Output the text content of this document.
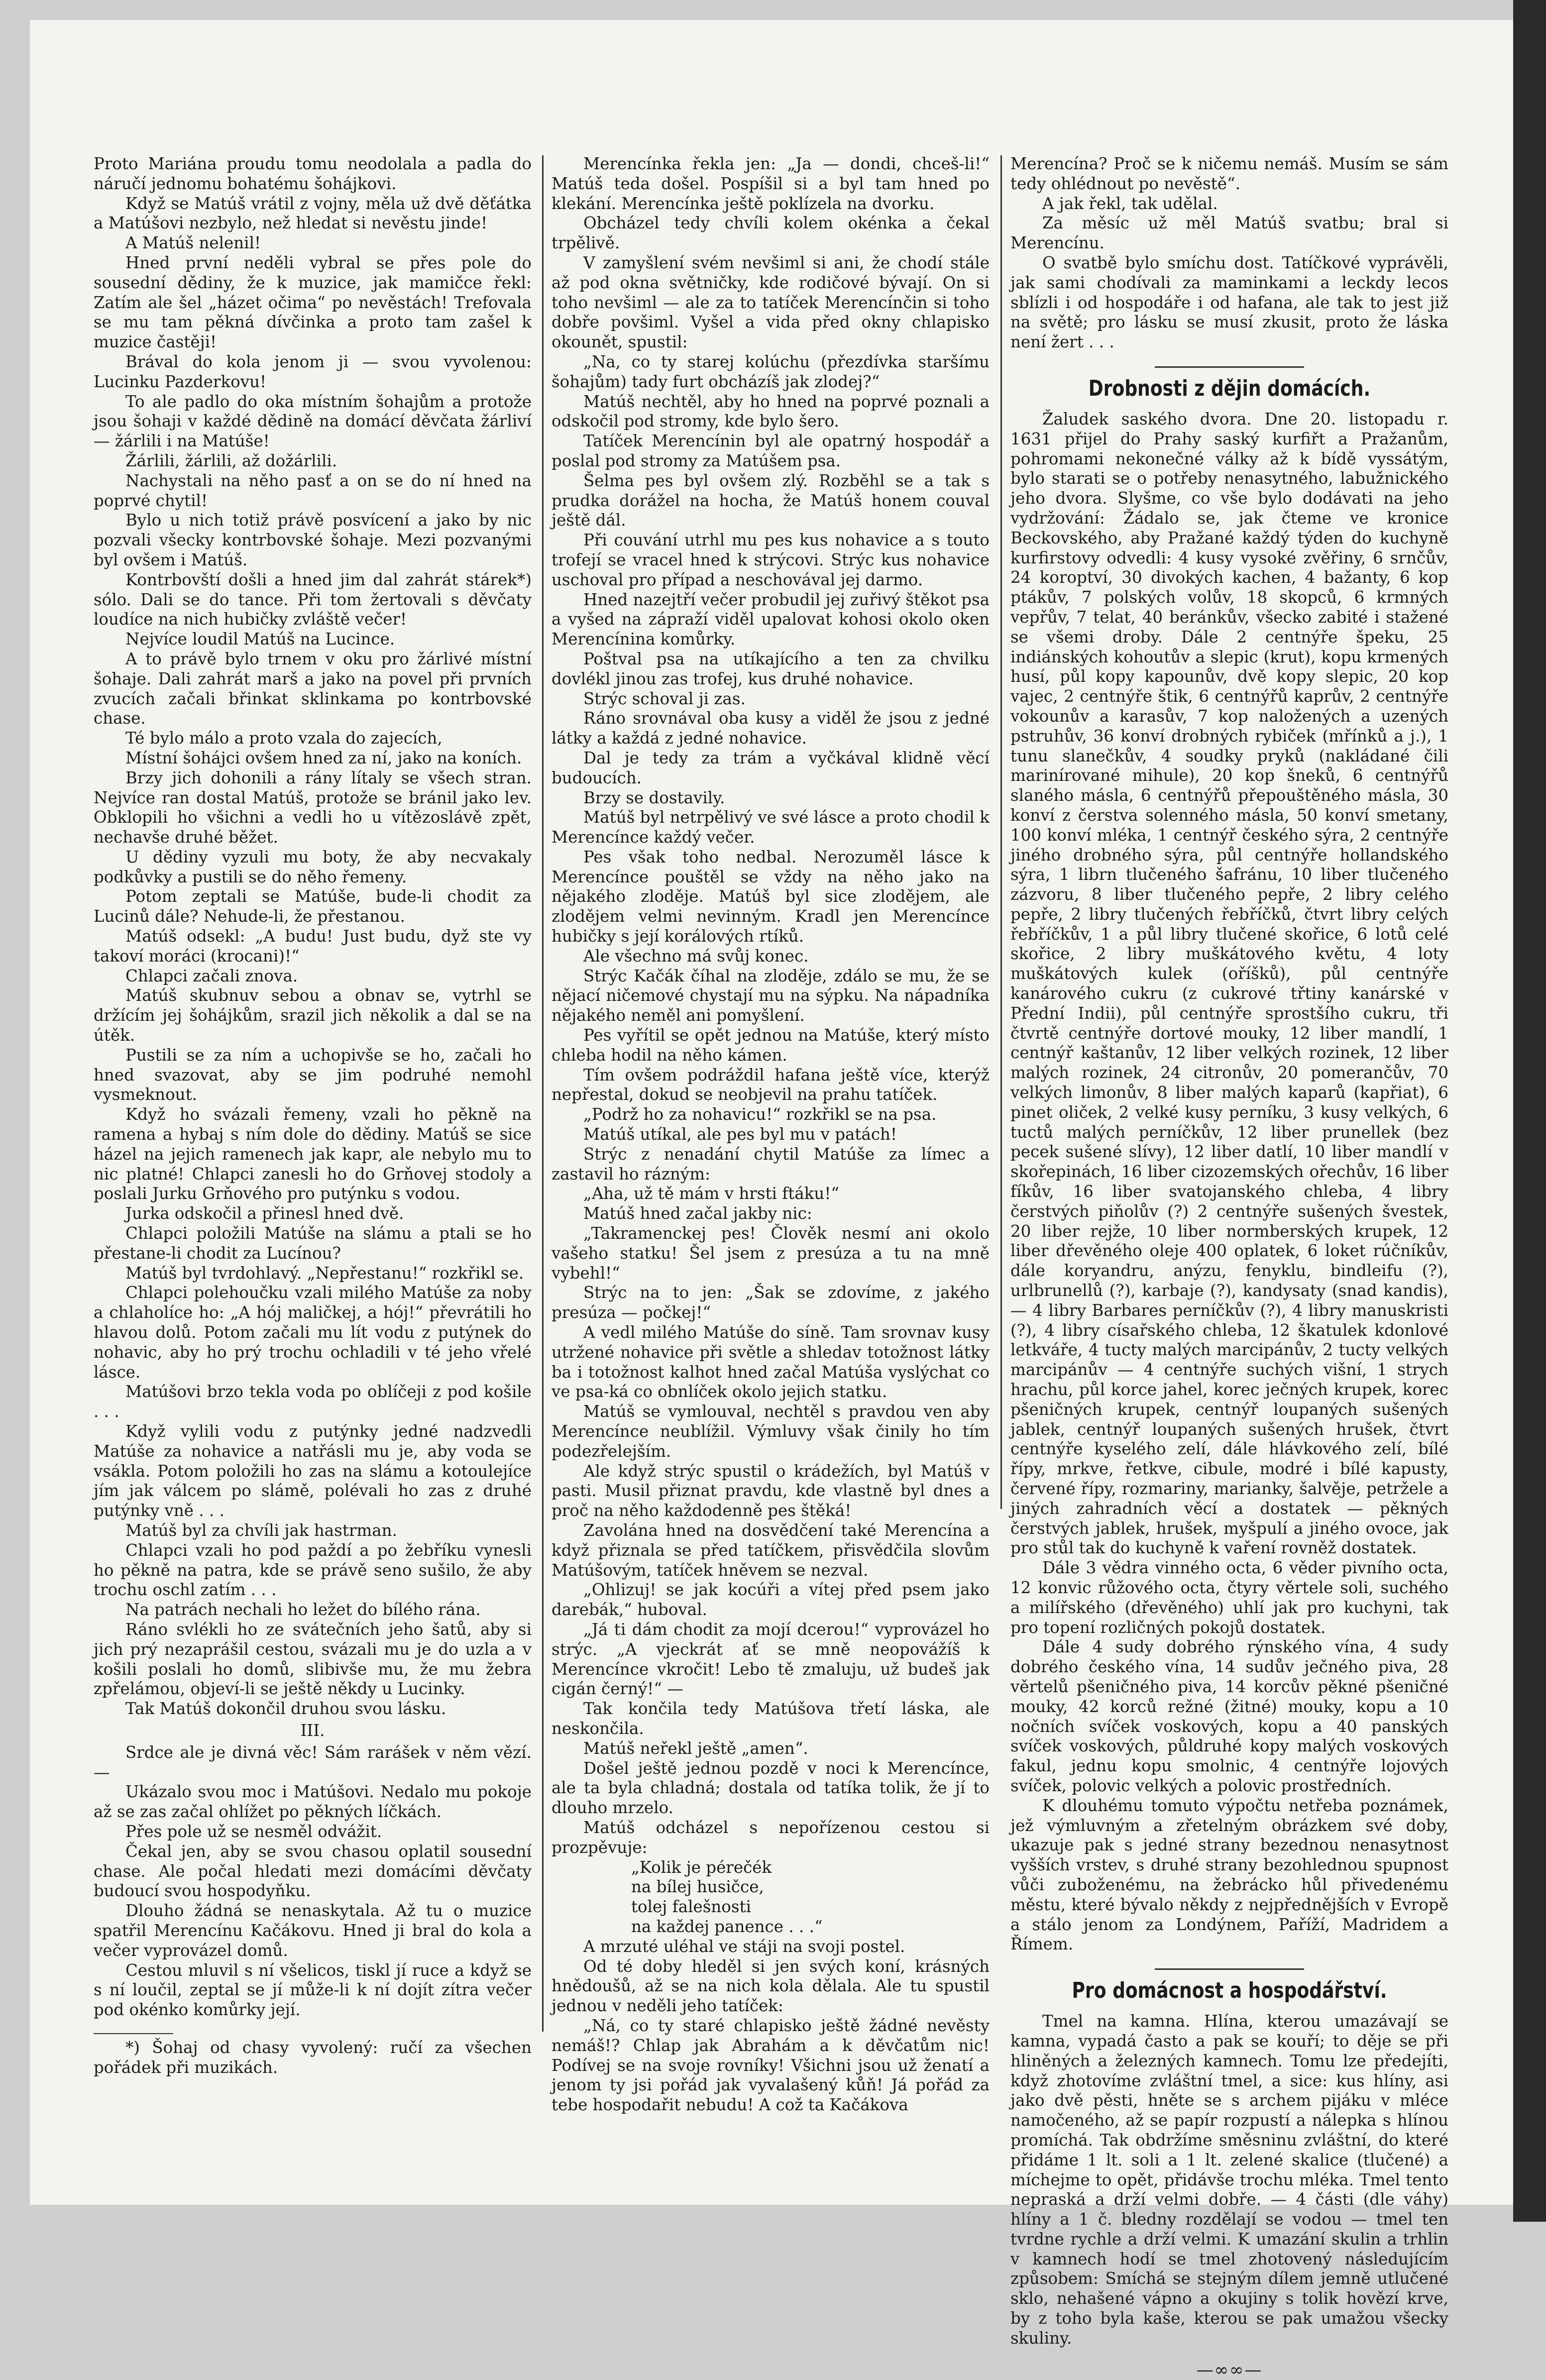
Proto Mariána proudu tomu neodolala a padla do náručí jednomu bohatému šohájkovi.

Když se Matúš vrátil z vojny, měla už dvě děťátka a Matúšovi nezbylo, než hledat si nevěstu jinde!

A Matúš nelenil!

Hned první neděli vybral se přes pole do sousední dědiny, že k muzice, jak mamičce řekl: Zatím ale šel „házet očima“ po nevěstách! Trefovala se mu tam pěkná dívčinka a proto tam zašel k muzice častěji!

Brával do kola jenom ji — svou vyvolenou: Lucinku Pazderkovu!

To ale padlo do oka místním šohajům a protože jsou šohaji v každé dědině na domácí děvčata žárliví — žárlili i na Matúše!

Žárlili, žárlili, až dožárlili.

Nachystali na něho pasť a on se do ní hned na poprvé chytil!

Bylo u nich totiž právě posvícení a jako by nic pozvali všecky kontrbovské šohaje. Mezi pozvanými byl ovšem i Matúš.

Kontrbovští došli a hned jim dal zahrát stárek*) sólo. Dali se do tance. Při tom žertovali s děvčaty loudíce na nich hubičky zvláště večer!

Nejvíce loudil Matúš na Lucince.

A to právě bylo trnem v oku pro žárlivé místní šohaje. Dali zahrát marš a jako na povel při prvních zvucích začali břinkat sklinkama po kontrbovské chase.

Té bylo málo a proto vzala do zajecích,

Místní šohájci ovšem hned za ní, jako na koních.

Brzy jich dohonili a rány lítaly se všech stran. Nejvíce ran dostal Matúš, protože se bránil jako lev. Obklopili ho všichni a vedli ho u vítězoslávě zpět, nechavše druhé běžet.

U dědiny vyzuli mu boty, že aby necvakaly podkůvky a pustili se do něho řemeny.

Potom zeptali se Matúše, bude-li chodit za Lucinů dále? Nehude-li, že přestanou.

Matúš odsekl: „A budu! Just budu, dyž ste vy takoví moráci (krocani)!“

Chlapci začali znova.

Matúš skubnuv sebou a obnav se, vytrhl se držícím jej šohájkům, srazil jich několik a dal se na útěk.

Pustili se za ním a uchopivše se ho, začali ho hned svazovat, aby se jim podruhé nemohl vysmeknout.

Když ho svázali řemeny, vzali ho pěkně na ramena a hybaj s ním dole do dědiny. Matúš se sice házel na jejich ramenech jak kapr, ale nebylo mu to nic platné! Chlapci zanesli ho do Grňovej stodoly a poslali Jurku Grňového pro putýnku s vodou.

Jurka odskočil a přinesl hned dvě.

Chlapci položili Matúše na slámu a ptali se ho přestane-li chodit za Lucínou?

Matúš byl tvrdohlavý. „Nepřestanu!“ rozkřikl se.

Chlapci polehoučku vzali milého Matúše za noby a chlaholíce ho: „A hój maličkej, a hój!“ převrátili ho hlavou dolů. Potom začali mu lít vodu z putýnek do nohavic, aby ho prý trochu ochladili v té jeho vřelé lásce.

Matúšovi brzo tekla voda po oblíčeji z pod košile . . .

Když vylili vodu z putýnky jedné nadzvedli Matúše za nohavice a natřásli mu je, aby voda se vsákla. Potom položili ho zas na slámu a kotoulejíce jím jak válcem po slámě, polévali ho zas z druhé putýnky vně . . .

Matúš byl za chvíli jak hastrman.

Chlapci vzali ho pod paždí a po žebříku vynesli ho pěkně na patra, kde se právě seno sušilo, že aby trochu oschl zatím . . .

Na patrách nechali ho ležet do bílého rána.

Ráno svlékli ho ze svátečních jeho šatů, aby si jich prý nezaprášil cestou, svázali mu je do uzla a v košili poslali ho domů, slibivše mu, že mu žebra zpřelámou, objeví-li se ještě někdy u Lucinky.

Tak Matúš dokončil druhou svou lásku.

III.

Srdce ale je divná věc! Sám rarášek v něm vězí. —

Ukázalo svou moc i Matúšovi. Nedalo mu pokoje až se zas začal ohlížet po pěkných líčkách.

Přes pole už se nesměl odvážit.

Čekal jen, aby se svou chasou oplatil sousední chase. Ale počal hledati mezi domácími děvčaty budoucí svou hospodyňku.

Dlouho žádná se nenaskytala. Až tu o muzice spatřil Merencínu Kačákovu. Hned ji bral do kola a večer vyprovázel domů.

Cestou mluvil s ní všelicos, tiskl jí ruce a když se s ní loučil, zeptal se jí může-li k ní dojít zítra večer pod okénko komůrky její.

*) Šohaj od chasy vyvolený: ručí za všechen pořádek při muzikách.

Merencínka řekla jen: „Ja — dondi, chceš-li!“ Matúš teda došel. Pospíšil si a byl tam hned po klekání. Merencínka ještě poklízela na dvorku.

Obcházel tedy chvíli kolem okénka a čekal trpělivě.

V zamyšlení svém nevšiml si ani, že chodí stále až pod okna světničky, kde rodičové bývají. On si toho nevšiml — ale za to tatíček Merencínčin si toho dobře povšiml. Vyšel a vida před okny chlapisko okounět, spustil:

„Na, co ty starej kolúchu (přezdívka staršímu šohajům) tady furt obcházíš jak zlodej?“

Matúš nechtěl, aby ho hned na poprvé poznali a odskočil pod stromy, kde bylo šero.

Tatíček Merencínin byl ale opatrný hospodář a poslal pod stromy za Matúšem psa.

Šelma pes byl ovšem zlý. Rozběhl se a tak s prudka dorážel na hocha, že Matúš honem couval ještě dál.

Při couvání utrhl mu pes kus nohavice a s touto trofejí se vracel hned k strýcovi. Strýc kus nohavice uschoval pro případ a neschovával jej darmo.

Hned nazejtří večer probudil jej zuřivý štěkot psa a vyšed na zápraží viděl upalovat kohosi okolo oken Merencínina komůrky.

Poštval psa na utíkajícího a ten za chvilku dovlékl jinou zas trofej, kus druhé nohavice.

Strýc schoval ji zas.

Ráno srovnával oba kusy a viděl že jsou z jedné látky a každá z jedné nohavice.

Dal je tedy za trám a vyčkával klidně věcí budoucích.

Brzy se dostavily.

Matúš byl netrpělivý ve své lásce a proto chodil k Merencínce každý večer.

Pes však toho nedbal. Nerozuměl lásce k Merencínce pouštěl se vždy na něho jako na nějakého zloděje. Matúš byl sice zlodějem, ale zlodějem velmi nevinným. Kradl jen Merencínce hubičky s její korálových rtíků.

Ale všechno má svůj konec.

Strýc Kačák číhal na zloděje, zdálo se mu, že se nějací ničemové chystají mu na sýpku. Na nápadníka nějakého neměl ani pomyšlení.

Pes vyřítil se opět jednou na Matúše, který místo chleba hodil na něho kámen.

Tím ovšem podráždil hafana ještě více, kterýž nepřestal, dokud se neobjevil na prahu tatíček.

„Podrž ho za nohavicu!“ rozkřikl se na psa.

Matúš utíkal, ale pes byl mu v patách!

Strýc z nenadání chytil Matúše za límec a zastavil ho rázným:

„Aha, už tě mám v hrsti ftáku!“

Matúš hned začal jakby nic:

„Takramenckej pes! Člověk nesmí ani okolo vašeho statku! Šel jsem z presúza a tu na mně vybehl!“

Strýc na to jen: „Šak se zdovíme, z jakého presúza — počkej!“

A vedl milého Matúše do síně. Tam srovnav kusy utržené nohavice při světle a shledav totožnost látky ba i totožnost kalhot hned začal Matúša vyslýchat co ve psa-ká co obnlíček okolo jejich statku.

Matúš se vymlouval, nechtěl s pravdou ven aby Merencínce neublížil. Výmluvy však činily ho tím podezřelejším.

Ale když strýc spustil o krádežích, byl Matúš v pasti. Musil přiznat pravdu, kde vlastně byl dnes a proč na něho každodenně pes štěká!

Zavolána hned na dosvědčení také Merencína a když přiznala se před tatíčkem, přisvědčila slovům Matúšovým, tatíček hněvem se nezval.

„Ohlizuj! se jak kocúři a vítej před psem jako darebák,“ huboval.

„Já ti dám chodit za mojí dcerou!“ vyprovázel ho strýc. „A vjeckrát ať se mně neopovážíš k Merencínce vkročit! Lebo tě zmaluju, už budeš jak cigán černý!“ —

Tak končila tedy Matúšova třetí láska, ale neskončila.

Matúš neřekl ještě „amen“.

Došel ještě jednou pozdě v noci k Merencínce, ale ta byla chladná; dostala od tatíka tolik, že jí to dlouho mrzelo.

Matúš odcházel s nepořízenou cestou si prozpěvuje:

„Kolik je pérečék

na bílej husičce,

tolej falešnosti

na každej panence . . .“

A mrzuté uléhal ve stáji na svoji postel.

Od té doby hleděl si jen svých koní, krásných hnědoušů, až se na nich kola dělala. Ale tu spustil jednou v neděli jeho tatíček:

„Ná, co ty staré chlapisko ještě žádné nevěsty nemáš!? Chlap jak Abrahám a k děvčatům nic! Podívej se na svoje rovníky! Všichni jsou už ženatí a jenom ty jsi pořád jak vyvalašený kůň! Já pořád za tebe hospodařit nebudu! A což ta Kačákova

Merencína? Proč se k ničemu nemáš. Musím se sám tedy ohlédnout po nevěstě“.

A jak řekl, tak udělal.

Za měsíc už měl Matúš svatbu; bral si Merencínu.

O svatbě bylo smíchu dost. Tatíčkové vyprávěli, jak sami chodívali za maminkami a leckdy lecos sblízli i od hospodáře i od hafana, ale tak to jest již na světě; pro lásku se musí zkusit, proto že láska není žert . . .

Drobnosti z dějin domácích.

Žaludek saského dvora. Dne 20. listopadu r. 1631 přijel do Prahy saský kurfiřt a Pražanům, pohromami nekonečné války až k bídě vyssátým, bylo starati se o potřeby nenasytného, labužnického jeho dvora. Slyšme, co vše bylo dodávati na jeho vydržování: Žádalo se, jak čteme ve kronice Beckovského, aby Pražané každý týden do kuchyně kurfirstovy odvedli: 4 kusy vysoké zvěřiny, 6 srnčův, 24 koroptví, 30 divokých kachen, 4 bažanty, 6 kop ptákův, 7 polských volův, 18 skopců, 6 krmných vepřův, 7 telat, 40 beránkův, všecko zabité i stažené se všemi droby. Dále 2 centnýře špeku, 25 indiánských kohoutův a slepic (krut), kopu krmených husí, půl kopy kapounův, dvě kopy slepic, 20 kop vajec, 2 centnýře štik, 6 centnýřů kaprův, 2 centnýře vokounův a karasův, 7 kop naložených a uzených pstruhův, 36 konví drobných rybiček (mřínků a j.), 1 tunu slanečkův, 4 soudky pryků (nakládané čili marinírované mihule), 20 kop šneků, 6 centnýřů slaného másla, 6 centnýřů přepouštěného másla, 30 konví z čerstva solenného másla, 50 konví smetany, 100 konví mléka, 1 centnýř českého sýra, 2 centnýře jiného drobného sýra, půl centnýře hollandského sýra, 1 librn tlučeného šafránu, 10 liber tlučeného zázvoru, 8 liber tlučeného pepře, 2 libry celého pepře, 2 libry tlučených řebříčků, čtvrt libry celých řebříčkův, 1 a půl libry tlučené skořice, 6 lotů celé skořice, 2 libry muškátového květu, 4 loty muškátových kulek (oříšků), půl centnýře kanárového cukru (z cukrové třtiny kanárské v Přední Indii), půl centnýře sprostšího cukru, tři čtvrtě centnýře dortové mouky, 12 liber mandlí, 1 centnýř kaštanův, 12 liber velkých rozinek, 12 liber malých rozinek, 24 citronův, 20 pomerančův, 70 velkých limonův, 8 liber malých kaparů (kapřiat), 6 pinet oliček, 2 velké kusy perníku, 3 kusy velkých, 6 tuctů malých perníčkův, 12 liber prunellek (bez pecek sušené slívy), 12 liber datlí, 10 liber mandlí v skořepinách, 16 liber cizozemských ořechův, 16 liber fíkův, 16 liber svatojanského chleba, 4 libry čerstvých piňolův (?) 2 centnýře sušených švestek, 20 liber rejže, 10 liber normberských krupek, 12 liber dřevěného oleje 400 oplatek, 6 loket rúčníkův, dále koryandru, anýzu, fenyklu, bindleifu (?), urlbrunellů (?), karbaje (?), kandysaty (snad kandis), — 4 libry Barbares perníčkův (?), 4 libry manuskristi (?), 4 libry císařského chleba, 12 škatulek kdonlové letkváře, 4 tucty malých marcipánův, 2 tucty velkých marcipánův — 4 centnýře suchých višní, 1 strych hrachu, půl korce jahel, korec ječných krupek, korec pšeničných krupek, centnýř loupaných sušených jablek, centnýř loupaných sušených hrušek, čtvrt centnýře kyselého zelí, dále hlávkového zelí, bílé řípy, mrkve, řetkve, cibule, modré i bílé kapusty, červené řípy, rozmariny, marianky, šalvěje, petržele a jiných zahradních věcí a dostatek — pěkných čerstvých jablek, hrušek, myšpulí a jiného ovoce, jak pro stůl tak do kuchyně k vaření rovněž dostatek.

Dále 3 vědra vinného octa, 6 věder pivního octa, 12 konvic růžového octa, čtyry věrtele soli, suchého a milířského (dřevěného) uhlí jak pro kuchyni, tak pro topení rozličných pokojů dostatek.

Dále 4 sudy dobrého rýnského vína, 4 sudy dobrého českého vína, 14 sudův ječného piva, 28 věrtelů pšeničného piva, 14 korcův pěkné pšeničné mouky, 42 korců režné (žitné) mouky, kopu a 10 nočních svíček voskových, kopu a 40 panských svíček voskových, půldruhé kopy malých voskových fakul, jednu kopu smolnic, 4 centnýře lojových svíček, polovic velkých a polovic prostředních.

K dlouhému tomuto výpočtu netřeba poznámek, jež výmluvným a zřetelným obrázkem své doby, ukazuje pak s jedné strany bezednou nenasytnost vyšších vrstev, s druhé strany bezohlednou spupnost vůči zuboženému, na žebrácko hůl přivedenému městu, které bývalo někdy z nejpřednějších v Evropě a stálo jenom za Londýnem, Paříží, Madridem a Římem.

Pro domácnost a hospodářství.

Tmel na kamna. Hlína, kterou umazávají se kamna, vypadá často a pak se kouří; to děje se při hliněných a železných kamnech. Tomu lze předejíti, když zhotovíme zvláštní tmel, a sice: kus hlíny, asi jako dvě pěsti, hněte se s archem pijáku v mléce namočeného, až se papír rozpustí a nálepka s hlínou promíchá. Tak obdržíme směsninu zvláštní, do které přidáme 1 lt. soli a 1 lt. zelené skalice (tlučené) a míchejme to opět, přidávše trochu mléka. Tmel tento nepraská a drží velmi dobře. — 4 části (dle váhy) hlíny a 1 č. bledny rozdělají se vodou — tmel ten tvrdne rychle a drží velmi. K umazání skulin a trhlin v kamnech hodí se tmel zhotovený následujícím způsobem: Smíchá se stejným dílem jemně utlučené sklo, nehašené vápno a okujiny s tolik hovězí krve, by z toho byla kaše, kterou se pak umažou všecky skuliny.

—∞⁠∞—
